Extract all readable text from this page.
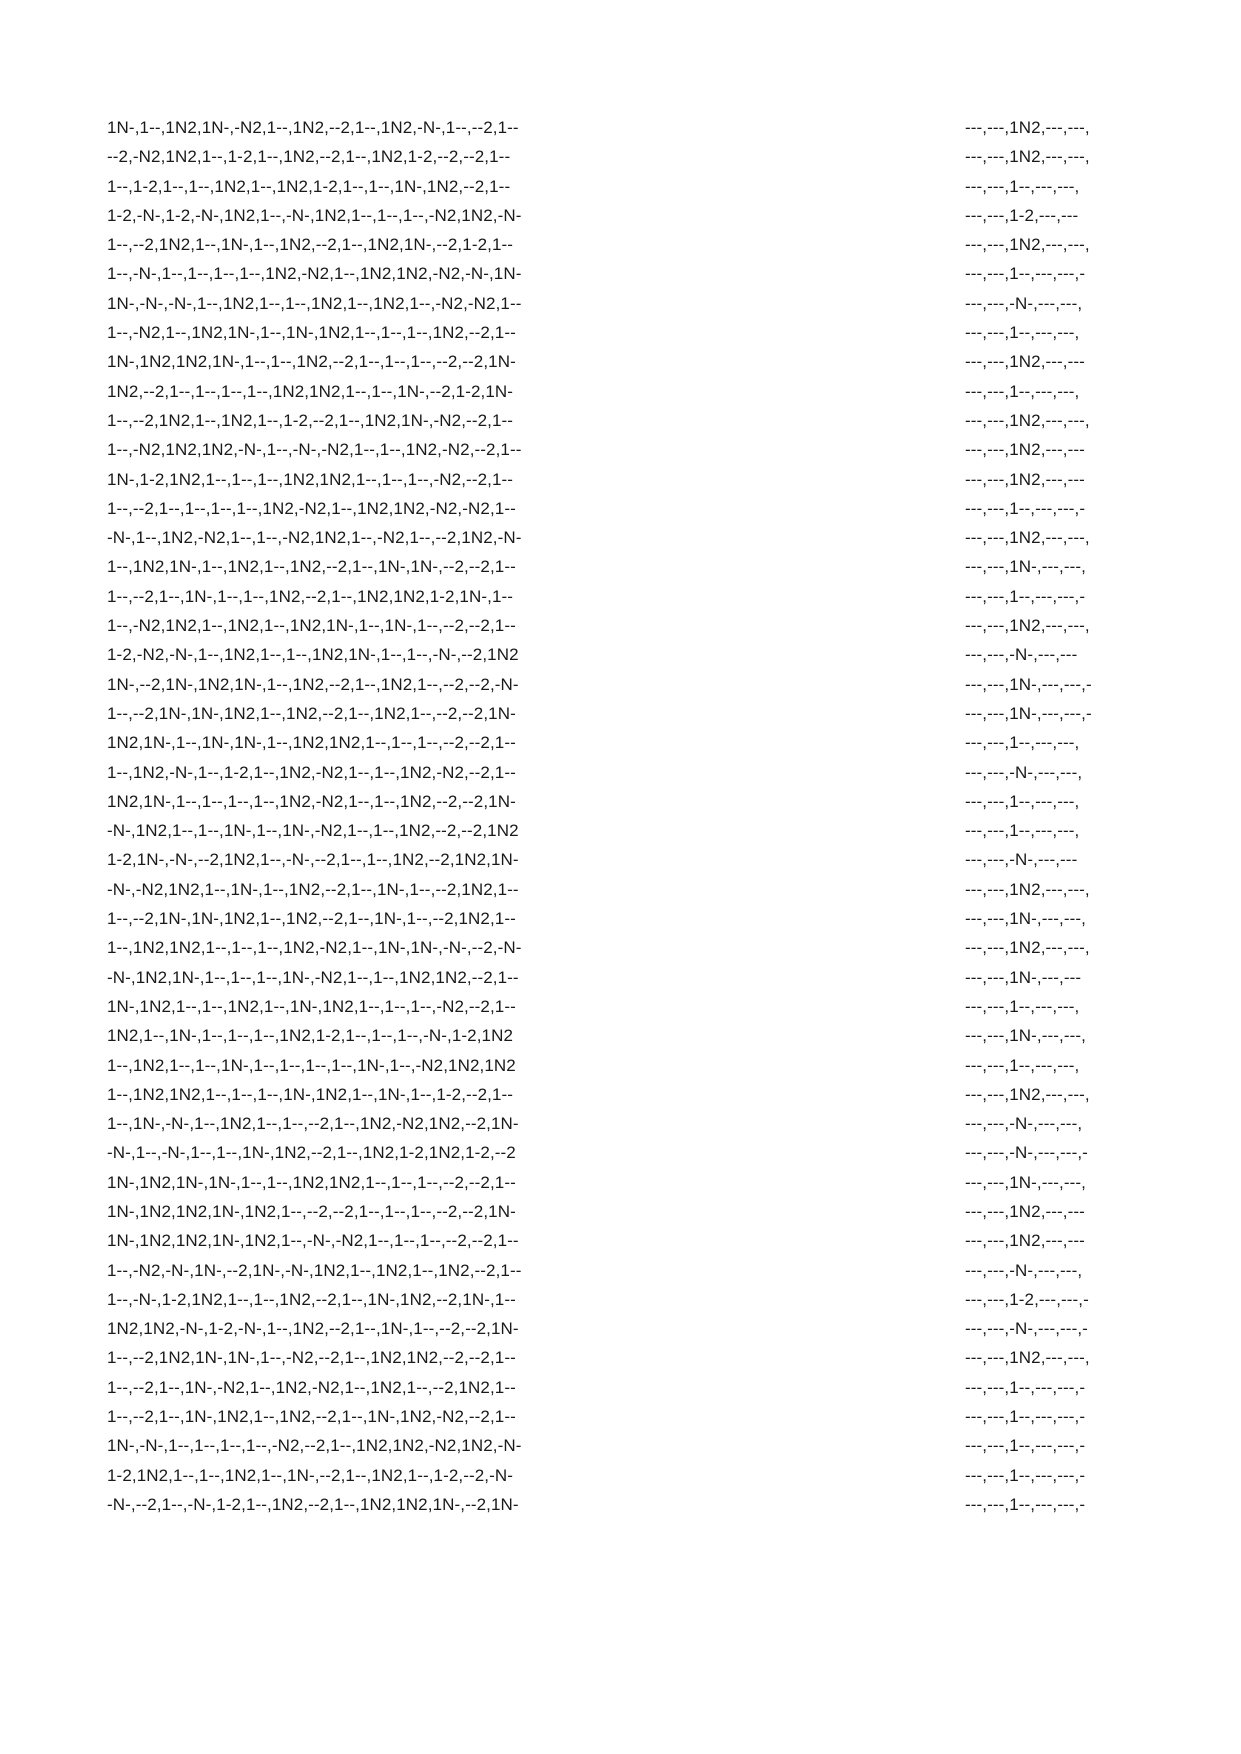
1N-,1--,1N2,1N-,-N2,1--,1N2,--2,1--,1N2,-N-,1--,--2,1--
--2,-N2,1N2,1--,1-2,1--,1N2,--2,1--,1N2,1-2,--2,--2,1--
1--,1-2,1--,1--,1N2,1--,1N2,1-2,1--,1--,1N-,1N2,--2,1--
1-2,-N-,1-2,-N-,1N2,1--,-N-,1N2,1--,1--,1--,-N2,1N2,-N-
1--,--2,1N2,1--,1N-,1--,1N2,--2,1--,1N2,1N-,--2,1-2,1--
1--,-N-,1--,1--,1--,1--,1N2,-N2,1--,1N2,1N2,-N2,-N-,1N-
1N-,-N-,-N-,1--,1N2,1--,1--,1N2,1--,1N2,1--,-N2,-N2,1--
1--,-N2,1--,1N2,1N-,1--,1N-,1N2,1--,1--,1--,1N2,--2,1--
1N-,1N2,1N2,1N-,1--,1--,1N2,--2,1--,1--,1--,--2,--2,1N-
1N2,--2,1--,1--,1--,1--,1N2,1N2,1--,1--,1N-,--2,1-2,1N-
1--,--2,1N2,1--,1N2,1--,1-2,--2,1--,1N2,1N-,-N2,--2,1--
1--,-N2,1N2,1N2,-N-,1--,-N-,-N2,1--,1--,1N2,-N2,--2,1--
1N-,1-2,1N2,1--,1--,1--,1N2,1N2,1--,1--,1--,-N2,--2,1--
1--,--2,1--,1--,1--,1--,1N2,-N2,1--,1N2,1N2,-N2,-N2,1--
-N-,1--,1N2,-N2,1--,1--,-N2,1N2,1--,-N2,1--,--2,1N2,-N-
1--,1N2,1N-,1--,1N2,1--,1N2,--2,1--,1N-,1N-,--2,--2,1--
1--,--2,1--,1N-,1--,1--,1N2,--2,1--,1N2,1N2,1-2,1N-,1--
1--,-N2,1N2,1--,1N2,1--,1N2,1N-,1--,1N-,1--,--2,--2,1--
1-2,-N2,-N-,1--,1N2,1--,1--,1N2,1N-,1--,1--,-N-,--2,1N2
1N-,--2,1N-,1N2,1N-,1--,1N2,--2,1--,1N2,1--,--2,--2,-N-
1--,--2,1N-,1N-,1N2,1--,1N2,--2,1--,1N2,1--,--2,--2,1N-
1N2,1N-,1--,1N-,1N-,1--,1N2,1N2,1--,1--,1--,--2,--2,1--
1--,1N2,-N-,1--,1-2,1--,1N2,-N2,1--,1--,1N2,-N2,--2,1--
1N2,1N-,1--,1--,1--,1--,1N2,-N2,1--,1--,1N2,--2,--2,1N-
-N-,1N2,1--,1--,1N-,1--,1N-,-N2,1--,1--,1N2,--2,--2,1N2
1-2,1N-,-N-,--2,1N2,1--,-N-,--2,1--,1--,1N2,--2,1N2,1N-
-N-,-N2,1N2,1--,1N-,1--,1N2,--2,1--,1N-,1--,--2,1N2,1--
1--,--2,1N-,1N-,1N2,1--,1N2,--2,1--,1N-,1--,--2,1N2,1--
1--,1N2,1N2,1--,1--,1--,1N2,-N2,1--,1N-,1N-,-N-,--2,-N-
-N-,1N2,1N-,1--,1--,1--,1N-,-N2,1--,1--,1N2,1N2,--2,1--
1N-,1N2,1--,1--,1N2,1--,1N-,1N2,1--,1--,1--,-N2,--2,1--
1N2,1--,1N-,1--,1--,1--,1N2,1-2,1--,1--,1--,-N-,1-2,1N2
1--,1N2,1--,1--,1N-,1--,1--,1--,1--,1N-,1--,-N2,1N2,1N2
1--,1N2,1N2,1--,1--,1--,1N-,1N2,1--,1N-,1--,1-2,--2,1--
1--,1N-,-N-,1--,1N2,1--,1--,--2,1--,1N2,-N2,1N2,--2,1N-
-N-,1--,-N-,1--,1--,1N-,1N2,--2,1--,1N2,1-2,1N2,1-2,--2
1N-,1N2,1N-,1N-,1--,1--,1N2,1N2,1--,1--,1--,--2,--2,1--
1N-,1N2,1N2,1N-,1N2,1--,--2,--2,1--,1--,1--,--2,--2,1N-
1N-,1N2,1N2,1N-,1N2,1--,-N-,-N2,1--,1--,1--,--2,--2,1--
1--,-N2,-N-,1N-,--2,1N-,-N-,1N2,1--,1N2,1--,1N2,--2,1--
1--,-N-,1-2,1N2,1--,1--,1N2,--2,1--,1N-,1N2,--2,1N-,1--
1N2,1N2,-N-,1-2,-N-,1--,1N2,--2,1--,1N-,1--,--2,--2,1N-
1--,--2,1N2,1N-,1N-,1--,-N2,--2,1--,1N2,1N2,--2,--2,1--
1--,--2,1--,1N-,-N2,1--,1N2,-N2,1--,1N2,1--,--2,1N2,1--
1--,--2,1--,1N-,1N2,1--,1N2,--2,1--,1N-,1N2,-N2,--2,1--
1N-,-N-,1--,1--,1--,1--,-N2,--2,1--,1N2,1N2,-N2,1N2,-N-
1-2,1N2,1--,1--,1N2,1--,1N-,--2,1--,1N2,1--,1-2,--2,-N-
-N-,--2,1--,-N-,1-2,1--,1N2,--2,1--,1N2,1N2,1N-,--2,1N-
---,---,1N2,---,---,
---,---,1N2,---,---,
---,---,1--,---,---,
---,---,1-2,---,---
---,---,1N2,---,---,
---,---,1--,---,---,-
---,---,-N-,---,---,
---,---,1--,---,---,
---,---,1N2,---,---
---,---,1--,---,---,
---,---,1N2,---,---,
---,---,1N2,---,---
---,---,1N2,---,---
---,---,1--,---,---,-
---,---,1N2,---,---,
---,---,1N-,---,---,
---,---,1--,---,---,-
---,---,1N2,---,---,
---,---,-N-,---,---
---,---,1N-,---,---,-
---,---,1N-,---,---,-
---,---,1--,---,---,
---,---,-N-,---,---,
---,---,1--,---,---,
---,---,1--,---,---,
---,---,-N-,---,---
---,---,1N2,---,---,
---,---,1N-,---,---,
---,---,1N2,---,---,
---,---,1N-,---,---
---,---,1--,---,---,
---,---,1N-,---,---,
---,---,1--,---,---,
---,---,1N2,---,---,
---,---,-N-,---,---,
---,---,-N-,---,---,-
---,---,1N-,---,---,
---,---,1N2,---,---
---,---,1N2,---,---
---,---,-N-,---,---,
---,---,1-2,---,---,-
---,---,-N-,---,---,-
---,---,1N2,---,---,
---,---,1--,---,---,-
---,---,1--,---,---,-
---,---,1--,---,---,-
---,---,1--,---,---,-
---,---,1--,---,---,-
